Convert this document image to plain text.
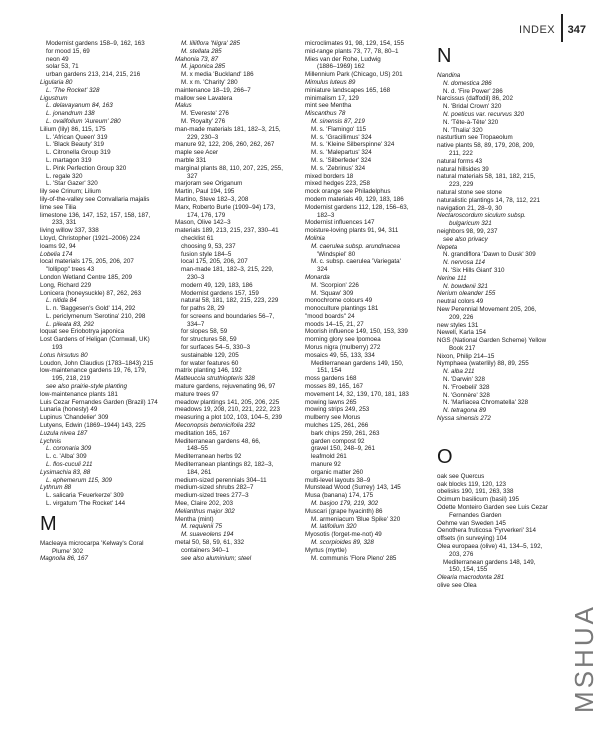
INDEX 347
Modernist gardens 158–9, 162, 163
for mood 15, 69
neon 49
solar 53, 71
urban gardens 213, 214, 215, 216
Ligularia 80
L. 'The Rocket' 328
Ligustrum
L. delavayanum 84, 163
L. jonandrum 138
L. ovalifolium 'Aureum' 280
Lilium (lily) 86, 115, 175
L. 'African Queen' 319
L. 'Black Beauty' 319
L. Citronella Group 319
L. martagon 319
L. Pink Perfection Group 320
L. regale 320
L. 'Star Gazer' 320
lily see Crinum; Lilium
lily-of-the-valley see Convallaria majalis
lime see Tilia
limestone 136, 147, 152, 157, 158, 187,
233, 331
living willow 337, 338
Lloyd, Christopher (1921–2006) 224
loams 92, 94
Lobelia 174
local materials 175, 205, 206, 207
"lollipop" trees 43
London Wetland Centre 185, 209
Long, Richard 229
Lonicera (honeysuckle) 87, 262, 263
L. nitida 84
L. n. 'Baggesen's Gold' 114, 292
L. periclymenum 'Serotina' 210, 298
L. pileata 83, 292
loquat see Eriobotrya japonica
Lost Gardens of Heligan (Cornwall, UK)
193
Lotus hirsutus 80
Loudon, John Claudius (1783–1843) 215
low-maintenance gardens 19, 76, 179,
195, 218, 219
see also prairie-style planting
low-maintenance plants 181
Luis Cezar Fernandes Garden (Brazil) 174
Lunaria (honesty) 49
Lupinus 'Chandelier' 309
Lutyens, Edwin (1869–1944) 143, 225
Luzula nivea 187
Lychnis
L. coronaria 309
L. c. 'Alba' 309
L. flos-cuculi 211
Lysimachia 83, 88
L. ephemerum 115, 309
Lythrum 88
L. salicaria 'Feuerkerze' 309
L. virgatum 'The Rocket' 144
M
Macleaya microcarpa 'Kelway's Coral
Plume' 302
Magnolia 86, 167
M. liliiflora 'Nigra' 285
M. stellata 285
Mahonia 73, 87
M. japonica 285
M. x media 'Buckland' 186
M. x m. 'Charity' 280
maintenance 18–19, 266–7
mallow see Lavatera
Malus
M. 'Evereste' 276
M. 'Royalty' 276
man-made materials 181, 182–3, 215,
229, 230–3
manure 92, 122, 206, 260, 262, 267
maple see Acer
marble 331
marginal plants 88, 110, 207, 225, 255,
327
marjoram see Origanum
Martin, Paul 194, 195
Martino, Steve 182–3, 208
Marx, Roberto Burle (1909–94) 173,
174, 176, 179
Mason, Olive 142–3
materials 189, 213, 215, 237, 330–41
checklist 61
choosing 9, 53, 237
fusion style 184–5
local 175, 205, 206, 207
man-made 181, 182–3, 215, 229,
230–3
modern 49, 129, 183, 186
Modernist gardens 157, 159
natural 58, 181, 182, 215, 223, 229
for paths 28, 29
for screens and boundaries 56–7,
334–7
for slopes 58, 59
for structures 58, 59
for surfaces 54–5, 330–3
sustainable 129, 205
for water features 60
matrix planting 146, 192
Matteuccia struthiopteris 328
mature gardens, rejuvenating 96, 97
mature trees 97
meadow plantings 141, 205, 206, 225
meadows 19, 208, 210, 221, 222, 223
measuring a plot 102, 103, 104–5, 239
Meconopsis betonicifolia 232
meditation 165, 167
Mediterranean gardens 48, 66,
148–55
Mediterranean herbs 92
Mediterranean plantings 82, 182–3,
184, 261
medium-sized perennials 304–11
medium-sized shrubs 282–7
medium-sized trees 277–3
Mee, Claire 202, 203
Melianthus major 302
Mentha (mint)
M. requienii 75
M. suaveolens 194
metal 50, 58, 59, 61, 332
containers 340–1
see also aluminium; steel
microclimates 91, 98, 129, 154, 155
mid-range plants 73, 77, 78, 80–1
Mies van der Rohe, Ludwig
(1886–1969) 162
Millennium Park (Chicago, US) 201
Mimulus luteus 89
miniature landscapes 165, 168
minimalism 17, 129
mint see Mentha
Miscanthus 78
M. sinensis 87, 219
M. s. 'Flamingo' 115
M. s. 'Gracillimus' 324
M. s. 'Kleine Silberspinne' 324
M. s. 'Malepartus' 324
M. s. 'Silberfeder' 324
M. s. 'Zebrinus' 324
mixed borders 18
mixed hedges 223, 258
mock orange see Philadelphus
modern materials 49, 129, 183, 186
Modernist gardens 112, 128, 156–63,
182–3
Modernist influences 147
moisture-loving plants 91, 94, 311
Molinia
M. caerulea subsp. arundinacea
'Windspiel' 80
M. c. subsp. caerulea 'Variegata'
324
Monarda
M. 'Scorpion' 226
M. 'Squaw' 309
monochrome colours 49
monoculture plantings 181
"mood boards" 24
moods 14–15, 21, 27
Moorish influence 149, 150, 153, 339
morning glory see Ipomoea
Morus nigra (mulberry) 272
mosaics 49, 55, 133, 334
Mediterranean gardens 149, 150,
151, 154
moss gardens 168
mosses 89, 165, 167
movement 14, 32, 139, 170, 181, 183
mowing lawns 265
mowing strips 249, 253
mulberry see Morus
mulches 125, 261, 266
bark chips 259, 261, 263
garden compost 92
gravel 150, 248–9, 261
leafmold 261
manure 92
organic matter 260
multi-level layouts 38–9
Munstead Wood (Surrey) 143, 145
Musa (banana) 174, 175
M. basjoo 179, 219, 302
Muscari (grape hyacinth) 86
M. armeniacum 'Blue Spike' 320
M. latifolium 320
Myosotis (forget-me-not) 49
M. scorpioides 89, 328
Myrtus (myrtle)
M. communis 'Flore Pleno' 285
N
Nandina
N. domestica 286
N. d. 'Fire Power' 286
Narcissus (daffodil) 86, 202
N. 'Bridal Crown' 320
N. poeticus var. recurvus 320
N. 'Tête-à-Tête' 320
N. 'Thalia' 320
nasturtium see Tropaeolum
native plants 58, 89, 179, 208, 209,
211, 222
natural forms 43
natural hillsides 39
natural materials 58, 181, 182, 215,
223, 229
natural stone see stone
naturalistic plantings 14, 78, 112, 221
navigation 21, 28–9, 30
Nectaroscordum siculum subsp.
bulgaricum 321
neighbors 98, 99, 237
see also privacy
Nepeta
N. grandiflora 'Dawn to Dusk' 309
N. nervosa 114
N. 'Six Hills Giant' 310
Nerine 111
N. bowdenii 321
Nerium oleander 155
neutral colors 49
New Perennial Movement 205, 206,
209, 226
new styles 131
Newell, Karla 154
NGS (National Garden Scheme) Yellow
Book 217
Nixon, Philip 214–15
Nymphaea (waterlily) 88, 89, 255
N. alba 211
N. 'Darwin' 328
N. 'Froebelii' 328
N. 'Gonnère' 328
N. 'Marliacea Chromatella' 328
N. tetragona 89
Nyssa sinensis 272
O
oak see Quercus
oak blocks 119, 120, 123
obelisks 190, 191, 263, 338
Ocimum basilicum (basil) 195
Odette Monteiro Garden see Luis Cezar
Fernandes Garden
Oehme van Sweden 145
Oenothera fruticosa 'Fyrverkeri' 314
offsets (in surveying) 104
Olea europaea (olive) 41, 134–5, 192,
203, 276
Mediterranean gardens 148, 149,
150, 154, 155
Olearia macrodonta 281
olive see Olea
MSHUA
